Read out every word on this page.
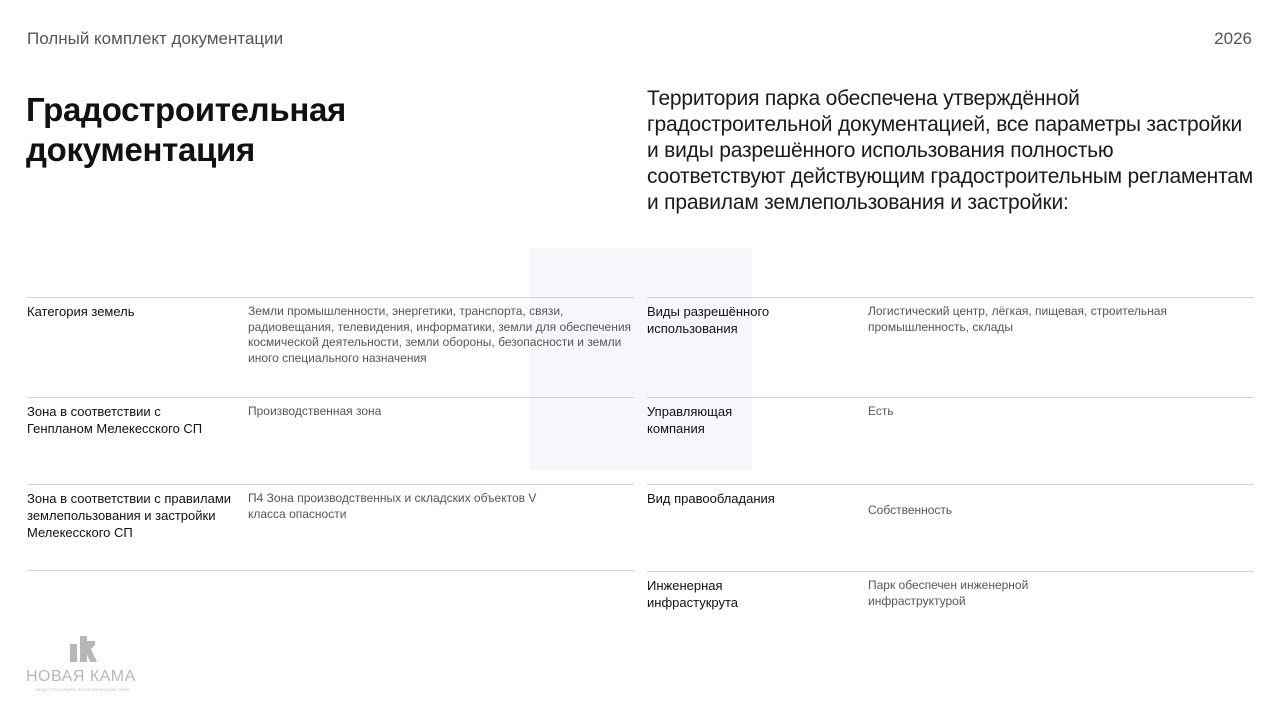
Полный комплект документации	2026
Градостроительная
документация
Территория парка обеспечена утверждённой градостроительной документацией, все параметры застройки и виды разрешённого использования полностью соответствуют действующим градостроительным регламентам и правилам землепользования и застройки:
Категория земель	Земли промышленности, энергетики, транспорта, связи, радиовещания, телевидения, информатики, земли для обеспечения космической деятельности, земли обороны, безопасности и земли иного специального назначения
Зона в соответствии с Генпланом Мелекесского СП
Производственная зона
Зона в соответствии с правилами землепользования и застройки Мелекесского СП
П4 Зона производственных и складских объектов V класса опасности
Виды разрешённого использования
Логистический центр, лёгкая, пищевая, строительная промышленность, склады
Управляющая компания
Есть
Вид правообладания
Собственность
Инженерная инфрастукрута
Парк обеспечен инженерной инфраструктурой
НОВАЯ КАМА
ИНДУСТРИАЛЬНО-ЛОГИСТИЧЕСКИЙ ПАРК
